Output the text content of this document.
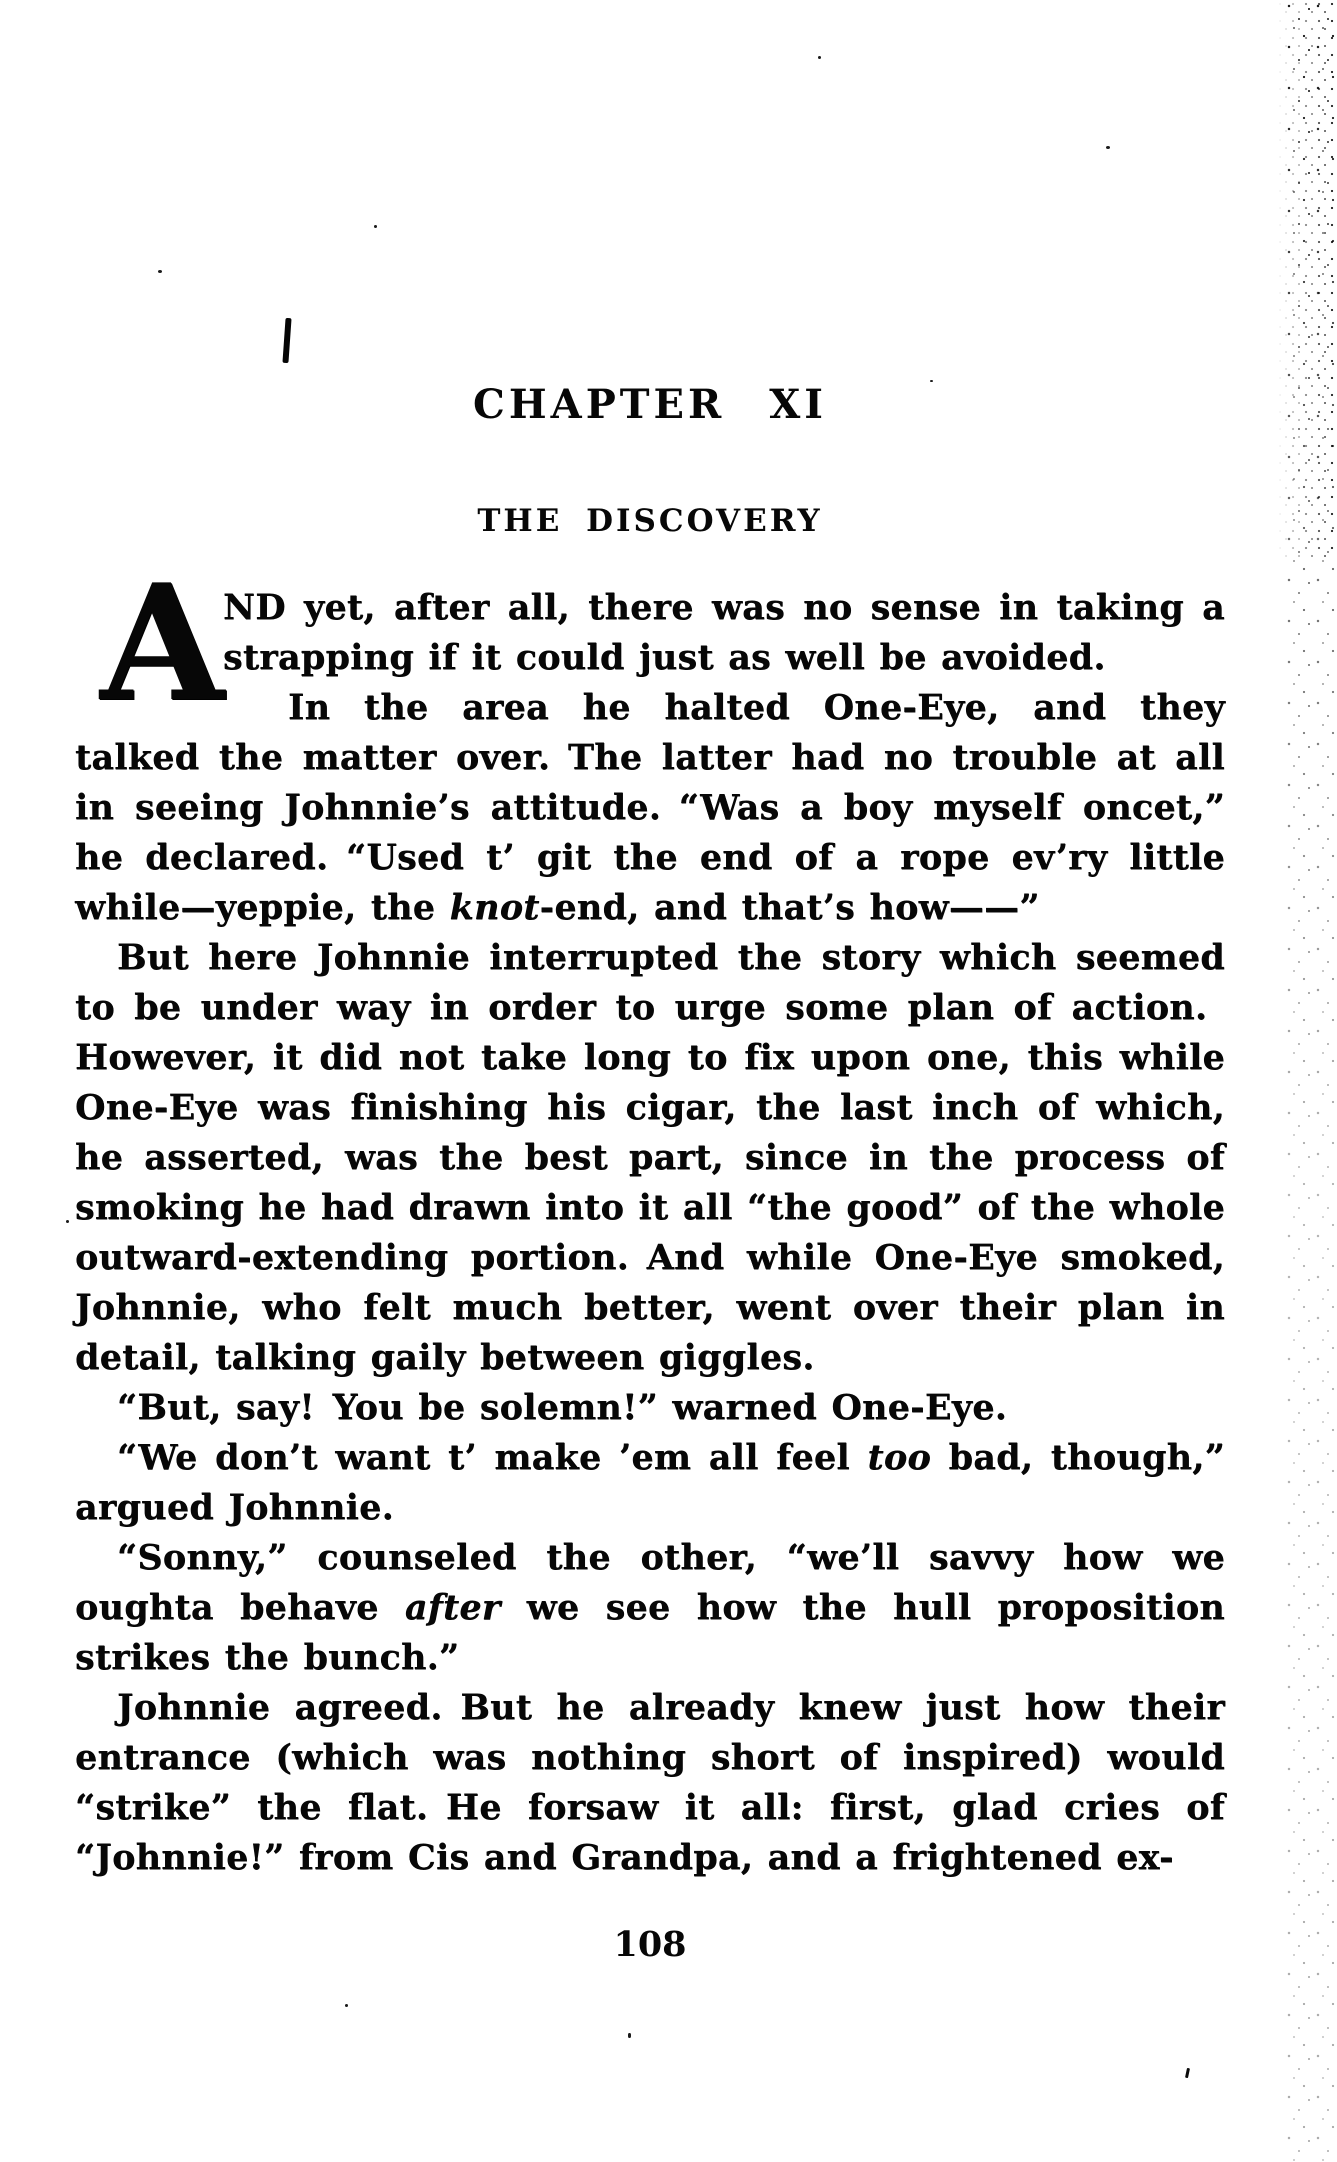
A
CHAPTER XI
THE DISCOVERY

ND yet, after all, there was no sense in taking a strapping if it could just as well be avoided.

In the area he halted One-Eye, and they talked the matter over. The latter had no trouble at all in seeing Johnnie’s attitude. “Was a boy myself oncet,” he declared. “Used t’ git the end of a rope ev’ry little while—yeppie, the knot-end, and that’s how——”

But here Johnnie interrupted the story which seemed to be under way in order to urge some plan of action. However, it did not take long to fix upon one, this while One-Eye was finishing his cigar, the last inch of which, he asserted, was the best part, since in the process of smoking he had drawn into it all “the good” of the whole outward-extending portion. And while One-Eye smoked, Johnnie, who felt much better, went over their plan in detail, talking gaily between giggles.

“But, say! You be solemn!” warned One-Eye.

“We don’t want t’ make ’em all feel too bad, though,” argued Johnnie.

“Sonny,” counseled the other, “we’ll savvy how we oughta behave after we see how the hull proposition strikes the bunch.”

Johnnie agreed. But he already knew just how their entrance (which was nothing short of inspired) would “strike” the flat. He forsaw it all: first, glad cries of “Johnnie!” from Cis and Grandpa, and a frightened ex-

108
